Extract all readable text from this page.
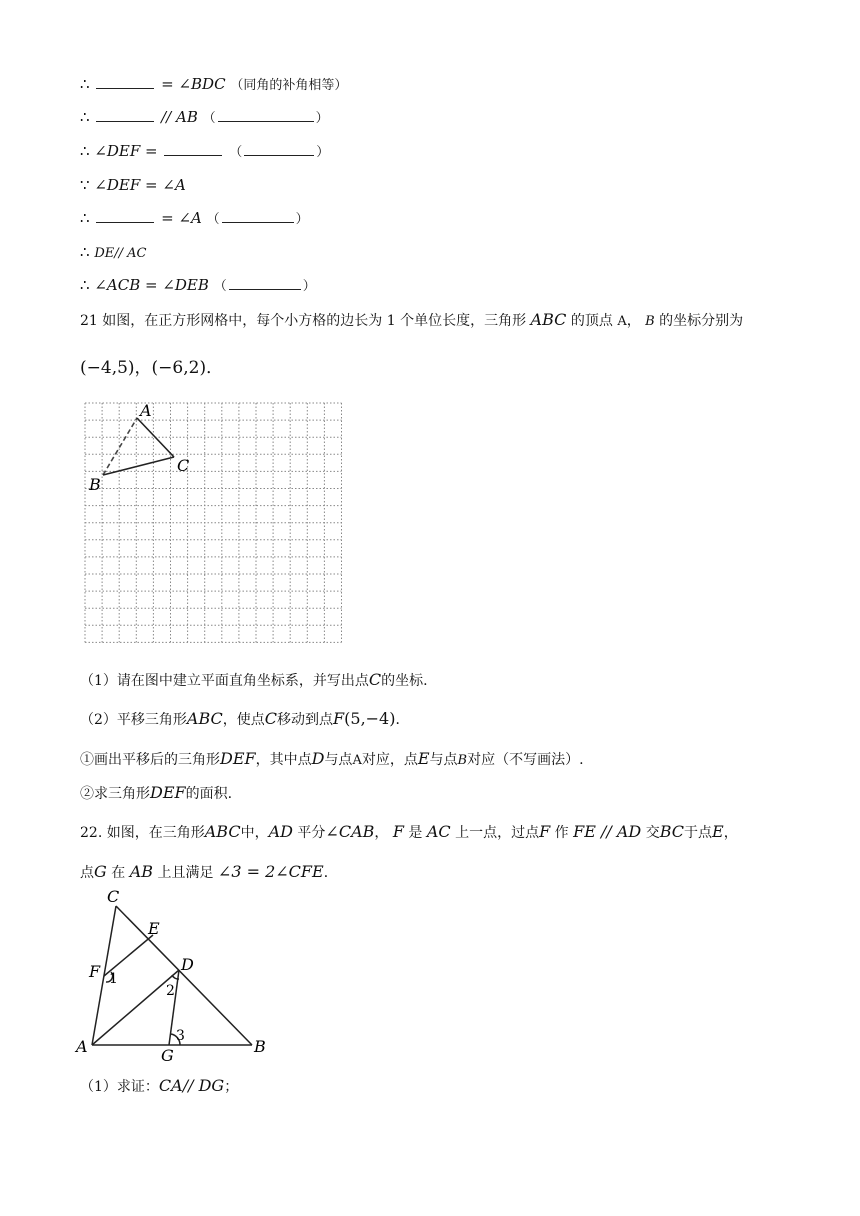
∴	= ∠BDC （同角的补角相等）
∴	// AB （	）
∴ ∠DEF =	（	）
∵ ∠DEF = ∠A
∴	= ∠A （	）
∴ DE// AC
∴ ∠ACB = ∠DEB （	）
21 如图，在正方形网格中，每个小方格的边长为 1 个单位长度，三角形 ABC 的顶点 A， B 的坐标分别为
(−4,5)，(−6,2)．
A
B
C
（1）请在图中建立平面直角坐标系，并写出点C的坐标.
（2）平移三角形ABC，使点C移动到点F(5,−4)．
①画出平移后的三角形DEF，其中点D与点A对应，点E与点B对应（不写画法）.
②求三角形DEF的面积.
22. 如图，在三角形ABC中，AD 平分∠CAB， F 是 AC 上一点，过点F 作 FE // AD 交BC于点E，
点G 在 AB 上且满足 ∠3 = 2∠CFE．
C
E
F 1
D
2
3
A	G	B
（1）求证：CA// DG；
